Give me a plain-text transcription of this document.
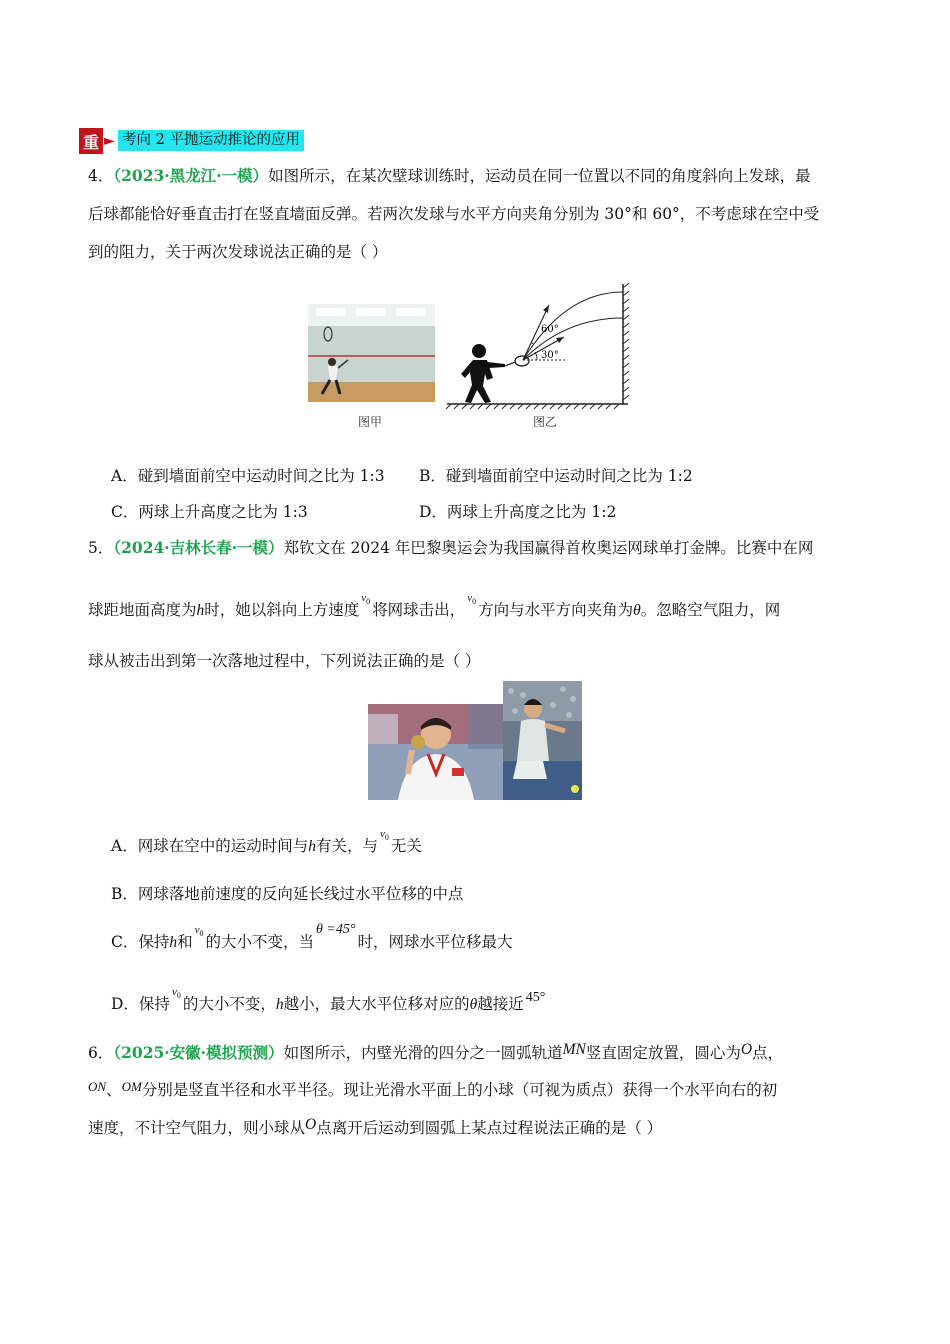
重 ► 考向 2 平抛运动推论的应用
4．（2023·黑龙江·一模）如图所示，在某次壁球训练时，运动员在同一位置以不同的角度斜向上发球，最
后球都能恰好垂直击打在竖直墙面反弹。若两次发球与水平方向夹角分别为 30°和 60°，不考虑球在空中受
到的阻力，关于两次发球说法正确的是（ ）
图甲
60°
30°
图乙
A．碰到墙面前空中运动时间之比为 1:3 B．碰到墙面前空中运动时间之比为 1:2
C．两球上升高度之比为 1:3	D．两球上升高度之比为 1:2
5．（2024·吉林长春·一模）郑钦文在 2024 年巴黎奥运会为我国赢得首枚奥运网球单打金牌。比赛中在网
球距地面高度为h时，她以斜向上方速度$^{v_0}$ 将网球击出，$^{v_0}$ 方向与水平方向夹角为θ。忽略空气阻力，网
球从被击出到第一次落地过程中，下列说法正确的是（ ）
A．网球在空中的运动时间与h有关，与$^{v_0}$ 无关
B．网球落地前速度的反向延长线过水平位移的中点
C．保持h和$^{v_0}$ 的大小不变，当θ =45°时，网球水平位移最大
D．保持$^{v_0}$ 的大小不变，h越小，最大水平位移对应的θ越接近 45°
6．（2025·安徽·模拟预测）如图所示，内壁光滑的四分之一圆弧轨道MN竖直固定放置，圆心为O点，
$^{ON}$、$^{OM}$分别是竖直半径和水平半径。现让光滑水平面上的小球（可视为质点）获得一个水平向右的初
速度，不计空气阻力，则小球从O点离开后运动到圆弧上某点过程说法正确的是（ ）
